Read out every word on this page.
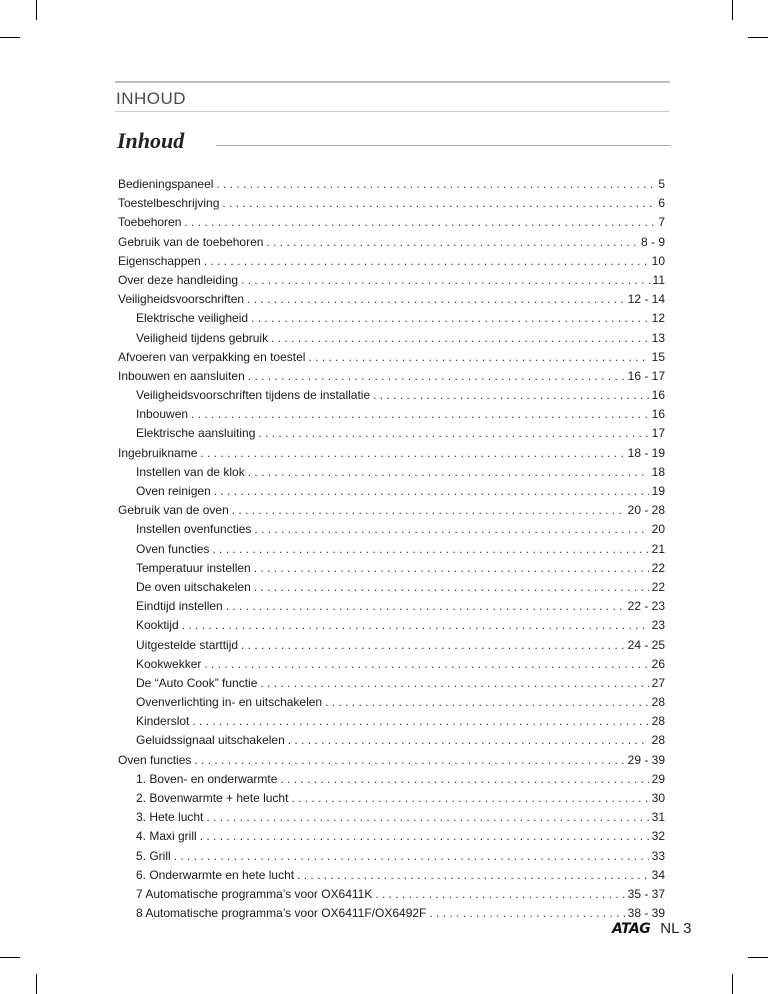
INHOUD
Inhoud
Bedieningspaneel . . .	5
Toestelbeschrijving . . .	6
Toebehoren . . .	7
Gebruik van de toebehoren . . .	8 - 9
Eigenschappen . . .	10
Over deze handleiding . . .	11
Veiligheidsvoorschriften . . .	12 - 14
Elektrische veiligheid . . .	12
Veiligheid tijdens gebruik . . .	13
Afvoeren van verpakking en toestel . . .	15
Inbouwen en aansluiten . . .	16 - 17
Veiligheidsvoorschriften tijdens de installatie . . .	16
Inbouwen . . .	16
Elektrische aansluiting . . .	17
Ingebruikname . . .	18 - 19
Instellen van de klok . . .	18
Oven reinigen . . .	19
Gebruik van de oven . . .	20 - 28
Instellen ovenfuncties . . .	20
Oven functies . . .	21
Temperatuur instellen . . .	22
De oven uitschakelen . . .	22
Eindtijd instellen . . .	22 - 23
Kooktijd . . .	23
Uitgestelde starttijd . . .	24 - 25
Kookwekker . . .	26
De “Auto Cook” functie . . .	27
Ovenverlichting in- en uitschakelen . . .	28
Kinderslot . . .	28
Geluidssignaal uitschakelen . . .	28
Oven functies . . .	29 - 39
1. Boven- en onderwarmte . . .	29
2. Bovenwarmte + hete lucht . . .	30
3. Hete lucht . . .	31
4. Maxi grill . . .	32
5. Grill . . .	33
6. Onderwarmte en hete lucht . . .	34
7 Automatische programma’s voor OX6411K . . .	35 - 37
8 Automatische programma’s voor OX6411F/OX6492F . . .	38 - 39
ATAG NL 3
